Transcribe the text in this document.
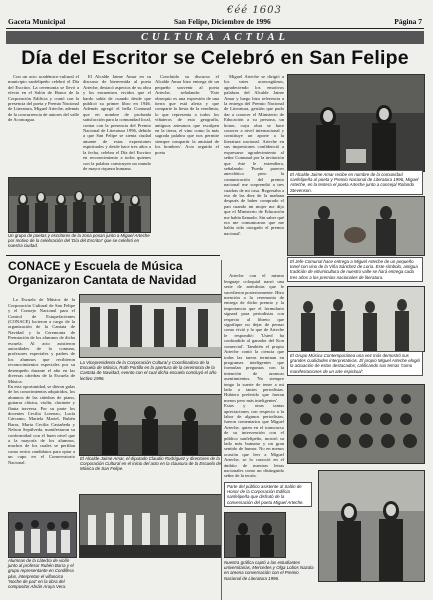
€éé 1603
Gaceta Municipal	San Felipe, Diciembre de 1996	Página 7
CULTURA ACTUAL
Día del Escritor se Celebró en San Felipe

Con un acto académico-cultural el municipio sanfelipeño celebró el Día del Escritor. La ceremonia se llevó a efecto en el Salón de Honor de la Corporación Edilicia y contó con la presencia del poeta y Premio Nacional de Literatura, Miguel Arteche, además de la concurrencia de autores del valle de Aconcagua.

El Alcalde Jaime Amar en su discurso de bienvenida al poeta Arteche, destacó aspectos de su obra y los encuentros vividos que el bardo sabía de cuando desde que publicó su primer libro en 1946. Además agregó el bella Comunal que en nombre de profunda satisfacción para la comunidad local, contar con la presencia del Premio Nacional de Literatura 1996, debido a que San Felipe se sienta ciudad amante de estas expresiones espirituales y desde hace tres años a la fecha, celebra el Día del Escritor en reconocimiento a todos quienes con la palabra construyen un mundo de mayor riqueza humana.

Concluido su discurso el Alcalde Amar hizo entrega de un pequeño souvenir al poeta Arteche, señalando: 'Este obsequio es una expresión de una tierra que está alerta y que comparte la fiesta de la vendimia, lo que representa a todos los viñateros de esta geografía, antiguos artesanos que esculpen en la tierra, el vino como la más sagrada palabra que nos permite siempre compartir la amistad de los hombres'. Acto seguido el poeta

Miguel Arteche se dirigió a los vates aconcagüinos, agradeciendo los emotivos palabras del Alcalde Jaime Amar y luego hizo referencia a la entrega del Premio Nacional de Literatura, gestión que pudo dar a conocer el Ministerio de Educación a su persona, un honor, cuya obra se hace conocer a nivel internacional y constituye un aporte a la literatura nacional. Arteche en sus impresiones confidenció a expresarse agradecimiento al señor Comunal por la invitación que éste le extendiera, señalando: 'Puedo parecer anecdótico pero la comunicación del premio nacional me sorprendió a tres cuadras de mi casa. Regresaba a eso de las diez de la mañana después de haber comprado el pan cuando mi mujer me dijo que el Ministerio de Educación me había llamado. Sin saber qué era me comunicaron que me había sido otorgado el premio nacional'.

Un grupo de poetas y escritores de la zona posan junto a Miguel Arteche por motivo de la celebración del 'Día del Escritor' que se celebró en nuestra ciudad.
CONACE y Escuela de Música Organizaron Cantata de Navidad

La Escuela de Música de la Corporación Cultural de San Felipe y el Consejo Nacional para el Control de Estupefacientes (CONACE) lucieron a cargo de la organización de la Cantata de Navidad y la Ceremonia de Premiación de los alumnos de dicha escuela. Al acto asistieron autoridades de la comuna, profesores especiales y padres de los alumnos que recibieron reconocimientos especiales por su desempeño durante el año en las diversas cátedras de la Escuela de Música.
En esta oportunidad, se dieron galas de los conocimientos adquiridos, los alumnos de las cátedras de piano, guitarra clásica, violín, clarinete y flauta traversa. Por su parte los docentes Cecilia Lorenzo, Lucía Cárcamo, Mariela Martel, Rubén Barra, Marta Cecilia Castañeda y Nelson Sepúlveda, manifestaron su conformidad con el buen nivel que a la mayoría de los alumnos, muchos de los cuales se perfilan como serios candidatos para optar a un cupo en el Conservatorio Nacional.

Alumnas de la cátedra de violín junto al profesor Rubén Barra y el grupo representante en Cordillera plus, interpretan el villancico 'Noche de paz' en la obra del compositor Abrán Araya Vera.
La Vicepresidenta de la Corporación Cultural y Coordinadora de la Escuela de Música, Ruth Portillo en la apertura de la ceremonia de la Cantata de Navidad, evento con el cual dicha escuela concluyó el año lectivo 1996.
El Alcalde Jaime Amar, el diputado Claudio Rodríguez y directores de la Corporación Cultural en el inicio del acto en la clausura de la Escuela de Música de San Felipe.
El Alcalde Jaime Amar recibe en nombre de la comunidad sanfelipeña al poeta y Premio Nacional de Literatura 1996, Miguel Arteche, en la testera el poeta Arteche junto a concejal Rolando Stevenson.
El Jefe Comunal hace entrega a Miguel Arteche de un pequeño tonel con vino de la Viña Sánchez de Loria. Este símbolo, antigua tradición de vitivinicultura de nuestro valle se hará entrega cada tres años a los premios nacionales de literatura.

Arteche con el mismo lenguaje coloquial narró una serie de anécdotas que le sucedieron posteriormente. Hizo mención a la ceremonia de entrega de dicho premio y la importancia que el formulario signará para periodistas con respecto al libreto que signifique no dejar de pensar como vivió y lo que de Arteche le respondió: 'Usted ha confundido al ganador del Kon comercial'. También el propio Arteche contó la ciencia que todas las tareas terminan en programas inteligentes que formulan preguntas con la intención de arrancar asentimientos. 'No siempre tengo la suerte de tener a mi lado a tantos periodistas. Hubiera preferido que fueran menos pero más inteligentes'.
Estas y otras tantas apreciaciones con respecto a la labor de algunos periodistas, fueron comentarios que Miguel Arteche, quien en el transcurso de su intervención con el público sanfelipeño, mostró su lado más humano y un gran sentido de humor. No en menos ocasión que leer a Miguel Arteche, se lo conoció en el ámbito de nuestras letras nacionales como un distinguido señor de la teoría.

El Grupo Música Contemporánea una vez más demostró sus grandes cualidades interpretativas. El propio Miguel Arteche elogió la actuación de estos destacados, calificando sus temas 'como manifestaciones de un arte espiritual'.
Parte del público asistente al Salón de Honor de la Corporación Edilicia sanfelipeña que disfrutó de la conversación del poeta Miguel Arteche.
Nuestra gráfica captó a las estudiantes universitarias, Mercedes y Olga Lobos Nazala en amena conversación con el Premio Nacional de Literatura 1996.
